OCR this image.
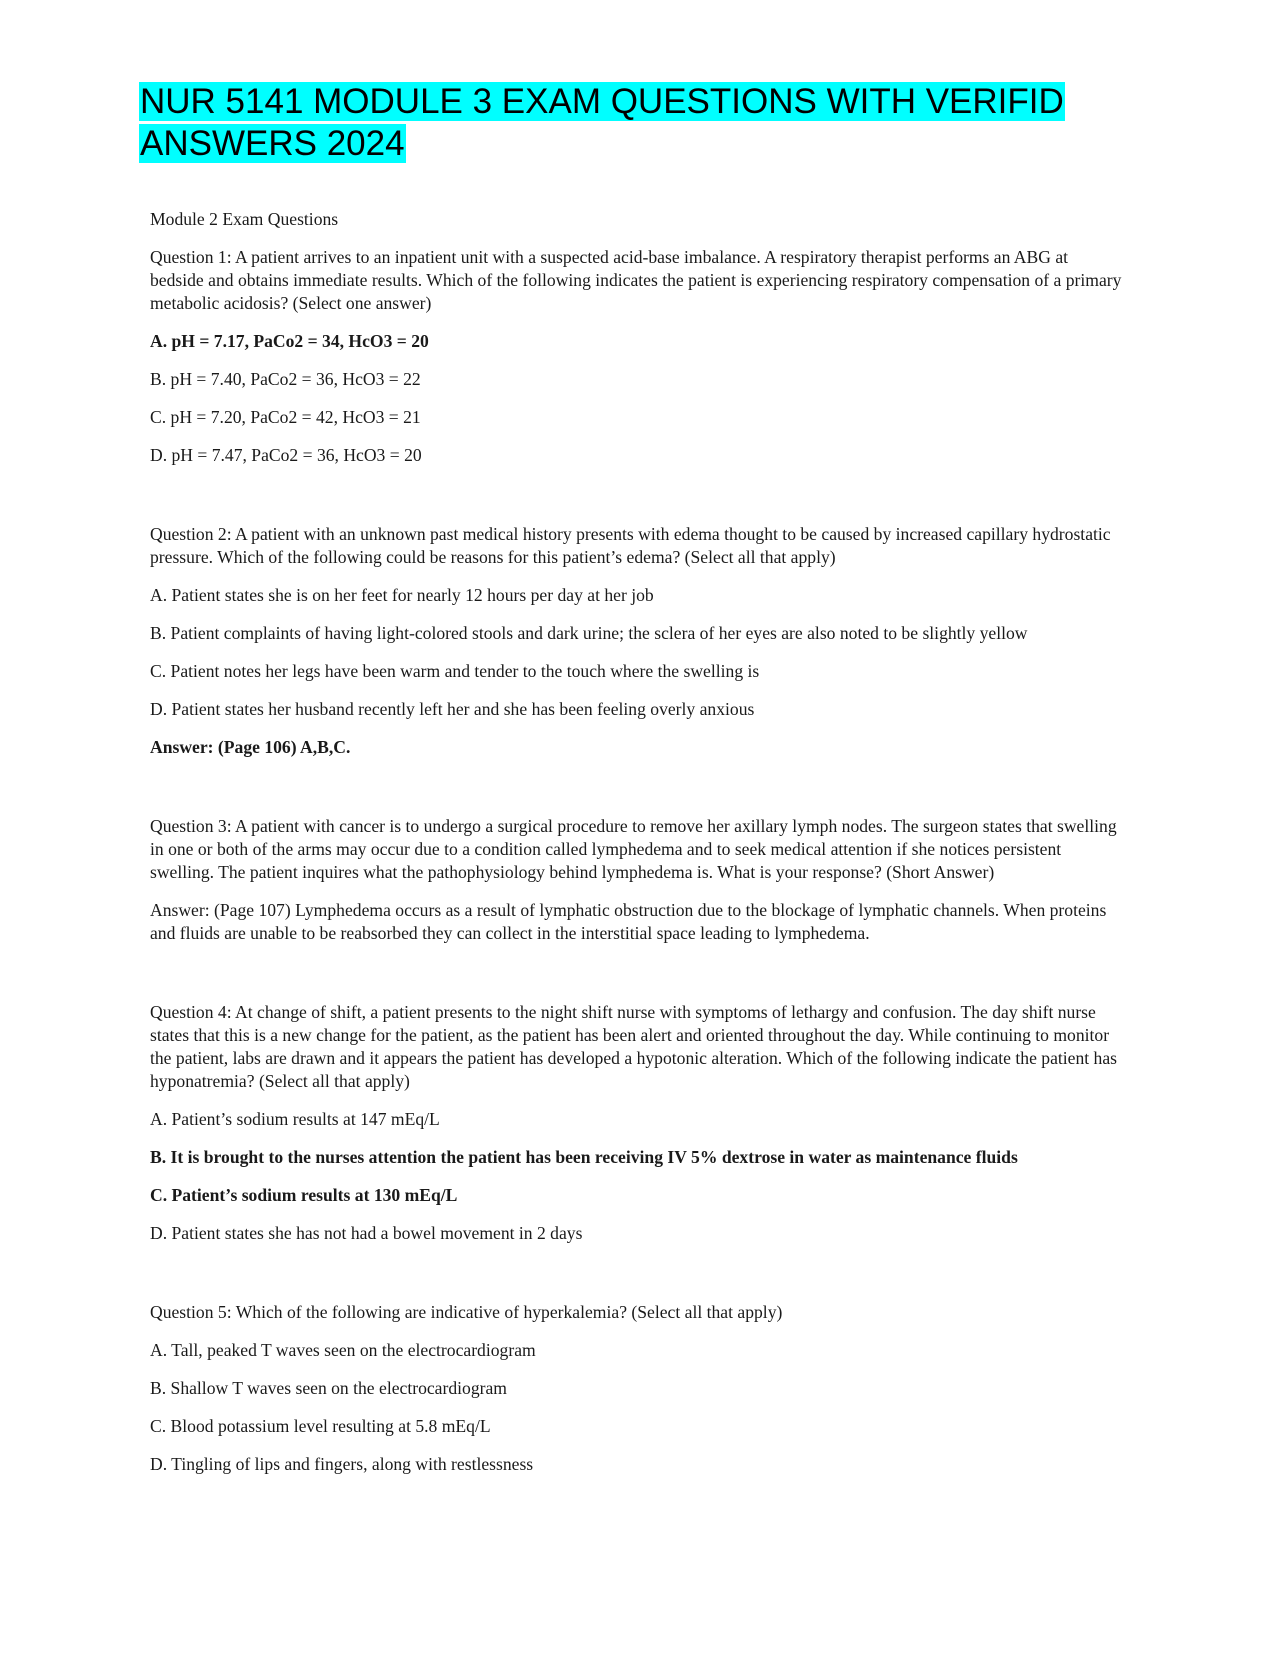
NUR 5141 MODULE 3 EXAM QUESTIONS WITH VERIFID
ANSWERS 2024

Module 2 Exam Questions

Question 1: A patient arrives to an inpatient unit with a suspected acid-base imbalance. A respiratory therapist performs an ABG at bedside and obtains immediate results. Which of the following indicates the patient is experiencing respiratory compensation of a primary metabolic acidosis? (Select one answer)

A. pH = 7.17, PaCo2 = 34, HcO3 = 20

B. pH = 7.40, PaCo2 = 36, HcO3 = 22

C. pH = 7.20, PaCo2 = 42, HcO3 = 21

D. pH = 7.47, PaCo2 = 36, HcO3 = 20

Question 2: A patient with an unknown past medical history presents with edema thought to be caused by increased capillary hydrostatic pressure. Which of the following could be reasons for this patient’s edema? (Select all that apply)

A. Patient states she is on her feet for nearly 12 hours per day at her job

B. Patient complaints of having light-colored stools and dark urine; the sclera of her eyes are also noted to be slightly yellow

C. Patient notes her legs have been warm and tender to the touch where the swelling is

D. Patient states her husband recently left her and she has been feeling overly anxious

Answer: (Page 106) A,B,C.

Question 3: A patient with cancer is to undergo a surgical procedure to remove her axillary lymph nodes. The surgeon states that swelling in one or both of the arms may occur due to a condition called lymphedema and to seek medical attention if she notices persistent swelling. The patient inquires what the pathophysiology behind lymphedema is. What is your response? (Short Answer)

Answer: (Page 107) Lymphedema occurs as a result of lymphatic obstruction due to the blockage of lymphatic channels. When proteins and fluids are unable to be reabsorbed they can collect in the interstitial space leading to lymphedema.

Question 4: At change of shift, a patient presents to the night shift nurse with symptoms of lethargy and confusion. The day shift nurse states that this is a new change for the patient, as the patient has been alert and oriented throughout the day. While continuing to monitor the patient, labs are drawn and it appears the patient has developed a hypotonic alteration. Which of the following indicate the patient has hyponatremia? (Select all that apply)

A. Patient’s sodium results at 147 mEq/L

B. It is brought to the nurses attention the patient has been receiving IV 5% dextrose in water as maintenance fluids

C. Patient’s sodium results at 130 mEq/L

D. Patient states she has not had a bowel movement in 2 days

Question 5: Which of the following are indicative of hyperkalemia? (Select all that apply)

A. Tall, peaked T waves seen on the electrocardiogram

B. Shallow T waves seen on the electrocardiogram

C. Blood potassium level resulting at 5.8 mEq/L

D. Tingling of lips and fingers, along with restlessness
